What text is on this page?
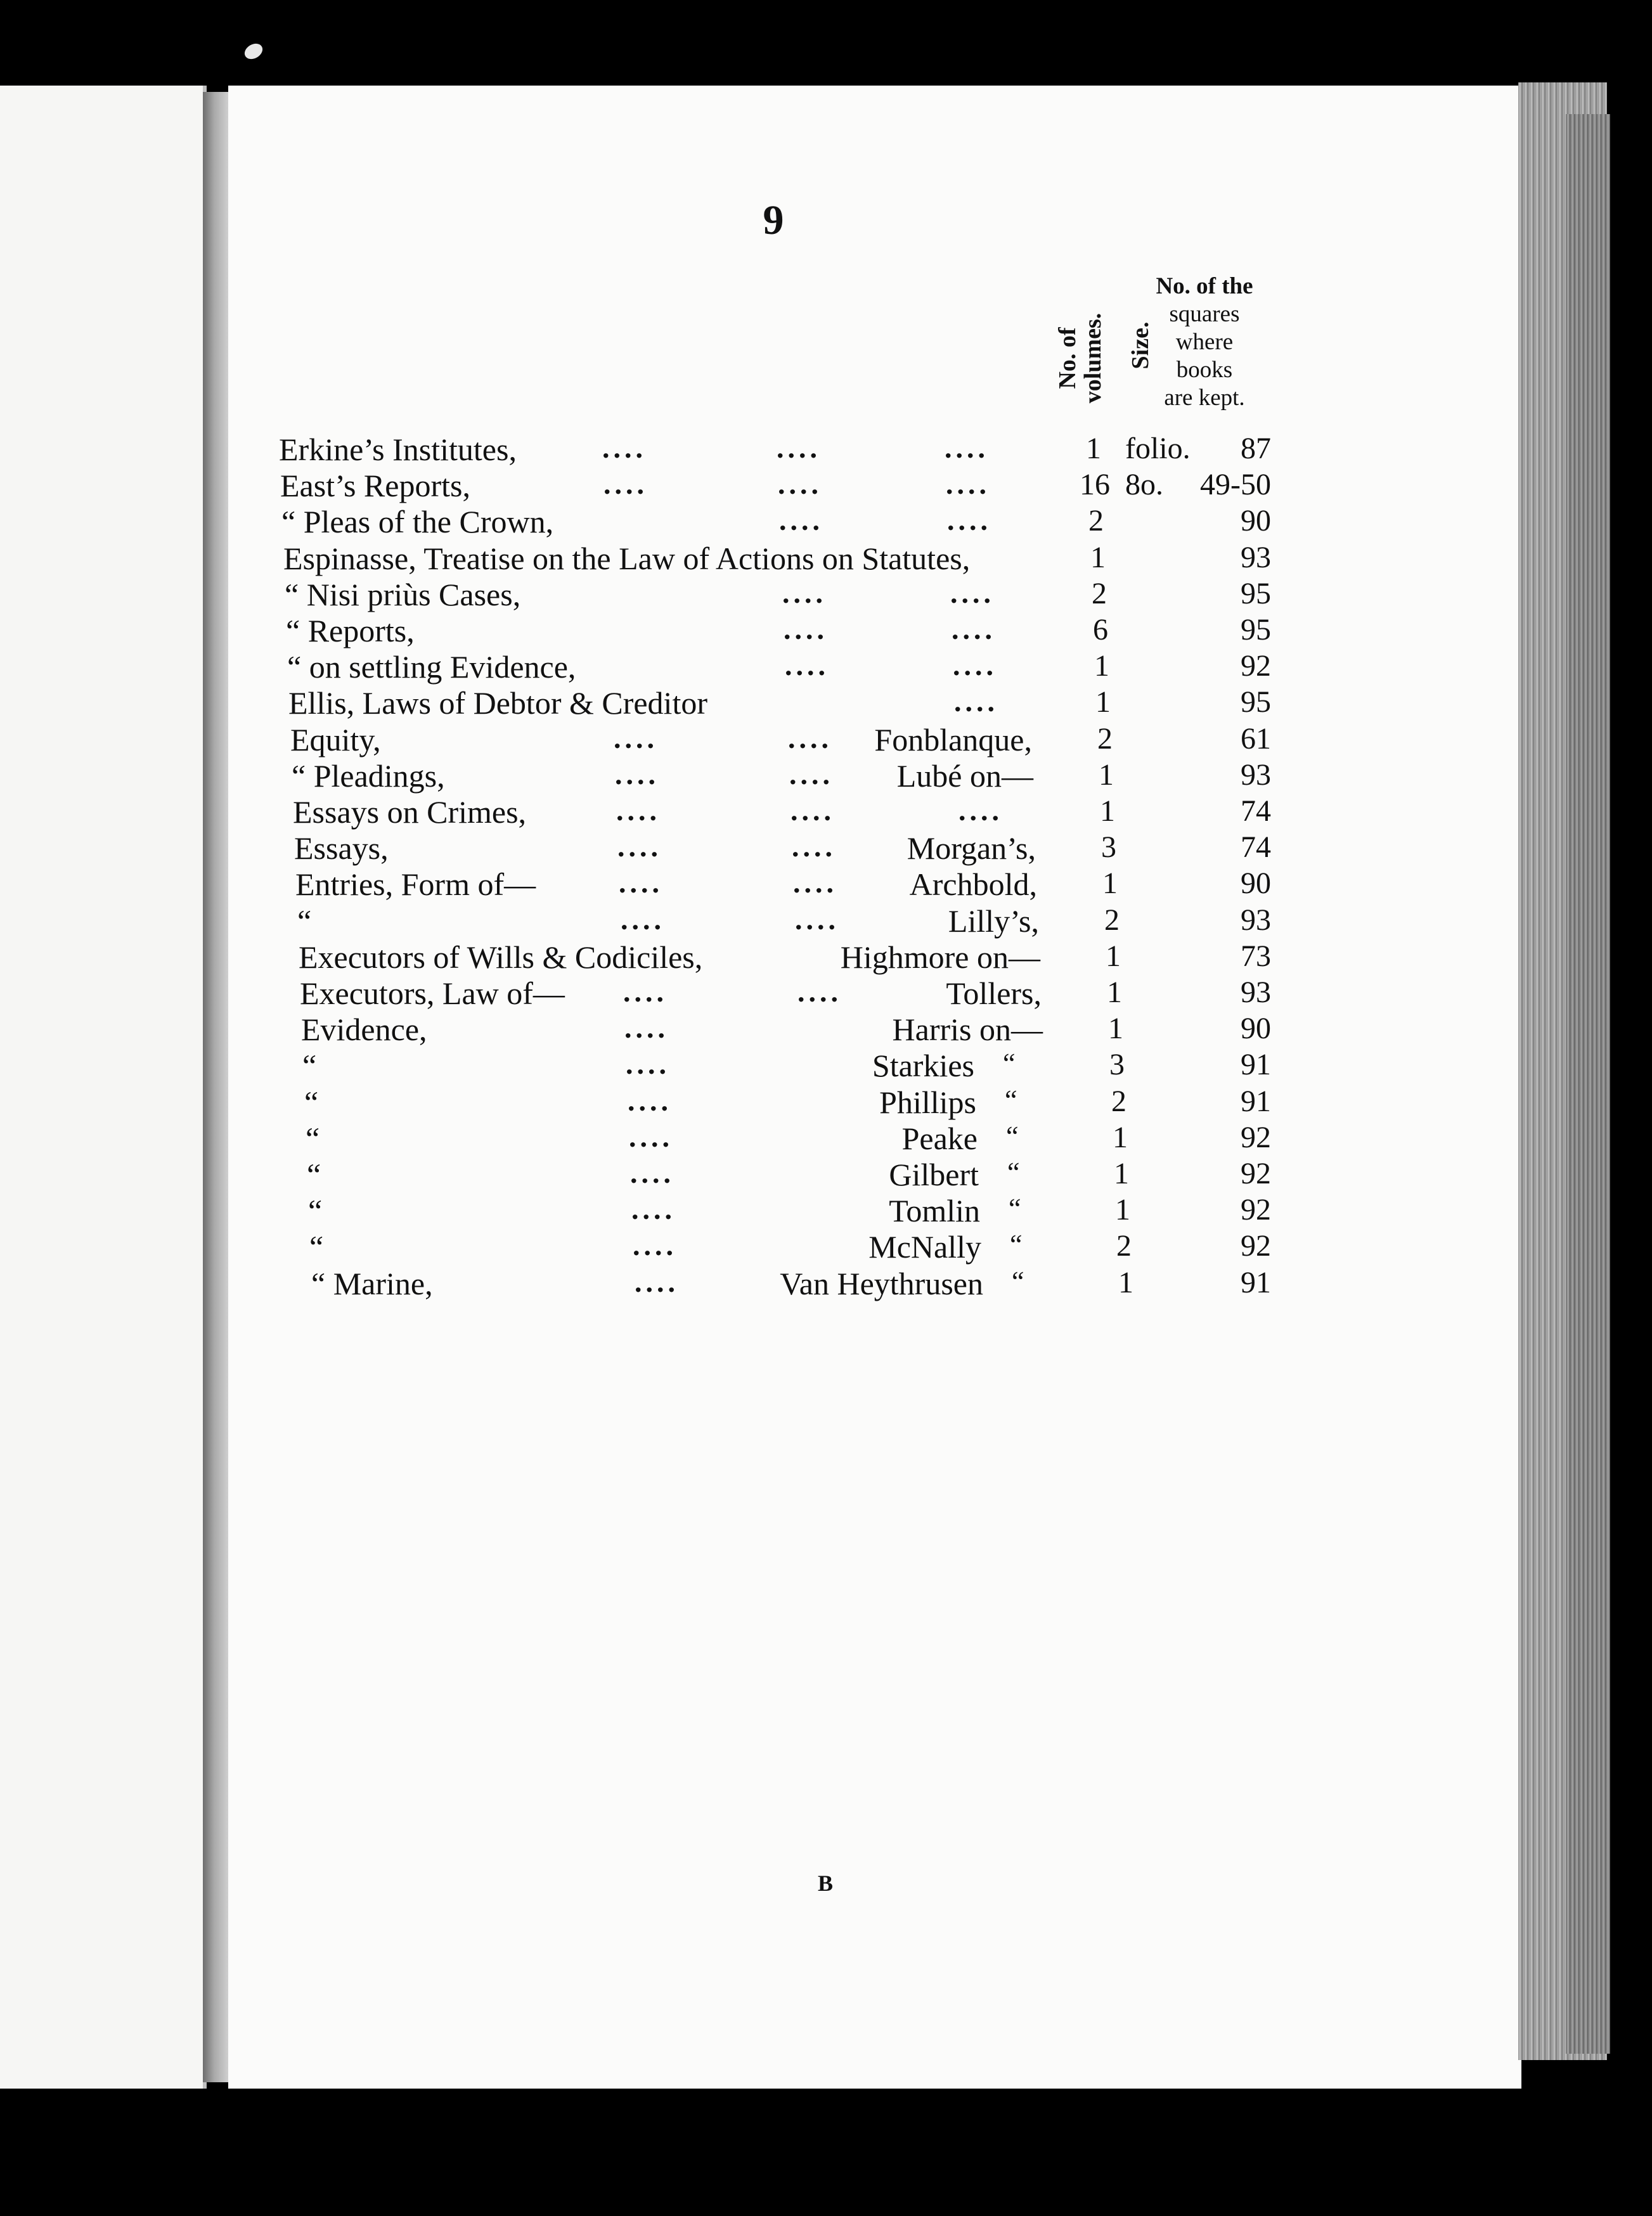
9
No. of
volumes. Size.
No. of the
squares
where
books
are kept.
Erkine’s Institutes,	....	....	....	1 folio.	87
East’s Reports,	....	....	....	16 8o.	49-50
“ Pleas of the Crown,	....	....	2	90
Espinasse, Treatise on the Law of Actions on Statutes,	1	93
“ Nisi priùs Cases,	....	....	2	95
“ Reports,	....	....	6	95
“ on settling Evidence,	....	....	1	92
Ellis, Laws of Debtor & Creditor	....	1	95
Equity,	....	.... Fonblanque,	2	61
“ Pleadings,	....	.... Lubé on—	1	93
Essays on Crimes,	....	....	....	1	74
Essays,	....	.... Morgan’s,	3	74
Entries, Form of—	....	.... Archbold,	1	90
“	....	....	Lilly’s,	2	93
Executors of Wills & Codiciles,	Highmore on—	1	73
Executors, Law of— ....	....	Tollers,	1	93
Evidence,	....	Harris on—	1	90
“	....	Starkies “	3	91
“	....	Phillips “	2	91
“	....	Peake “	1	92
“	....	Gilbert “	1	92
“	....	Tomlin “	1	92
“	....	McNally “	2	92
“ Marine,	....	Van Heythrusen “	1	91
B
